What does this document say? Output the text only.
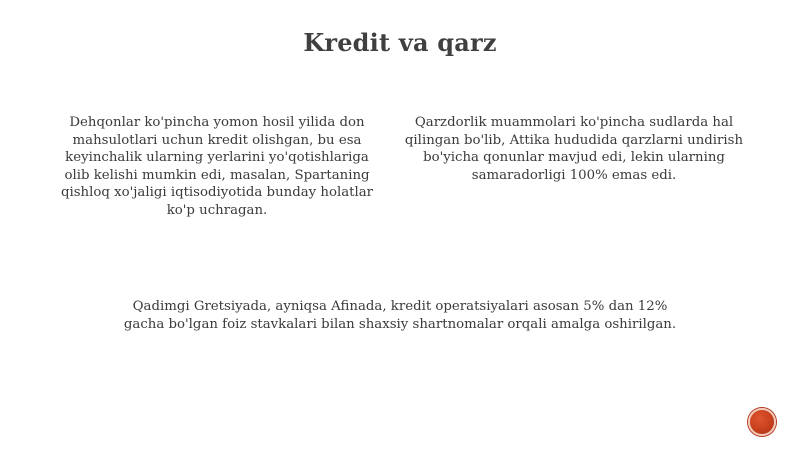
Kredit va qarz
Dehqonlar ko'pincha yomon hosil yilida don mahsulotlari uchun kredit olishgan, bu esa keyinchalik ularning yerlarini yo'qotishlariga olib kelishi mumkin edi, masalan, Spartaning qishloq xo'jaligi iqtisodiyotida bunday holatlar ko'p uchragan.
Qarzdorlik muammolari ko'pincha sudlarda hal qilingan bo'lib, Attika hududida qarzlarni undirish bo'yicha qonunlar mavjud edi, lekin ularning samaradorligi 100% emas edi.
Qadimgi Gretsiyada, ayniqsa Afinada, kredit operatsiyalari asosan 5% dan 12% gacha bo'lgan foiz stavkalari bilan shaxsiy shartnomalar orqali amalga oshirilgan.
